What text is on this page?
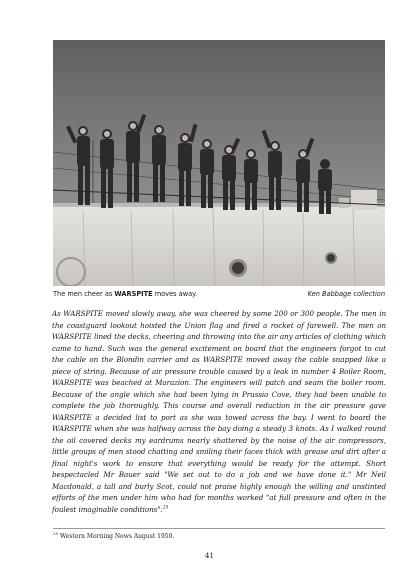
The men cheer as WARSPITE moves away.	Ken Babbage collection

As WARSPITE moved slowly away, she was cheered by some 200 or 300 people. The men in the coastguard lookout hoisted the Union flag and fired a rocket of farewell. The men on WARSPITE lined the decks, cheering and throwing into the air any articles of clothing which came to hand. Such was the general excitement on board that the engineers forgot to cut the cable on the Blondin carrier and as WARSPITE moved away the cable snapped like a piece of string. Because of air pressure trouble caused by a leak in number 4 Boiler Room, WARSPITE was beached at Marazion. The engineers will patch and seam the boiler room. Because of the angle which she had been lying in Prussia Cove, they had been unable to complete the job thoroughly. This course and overall reduction in the air pressure gave WARSPITE a decided list to port as she was towed across the bay. I went to board the WARSPITE when she was halfway across the bay doing a steady 3 knots. As I walked round the oil covered decks my eardrums nearly shattered by the noise of the air compressors, little groups of men stood chatting and smiling their faces thick with grease and dirt after a final night's work to ensure that everything would be ready for the attempt. Short bespectacled Mr Bauer said "We set out to do a job and we have done it." Mr Neil Macdonald, a tall and burly Scot, could not praise highly enough the willing and unstinted efforts of the men under him who had for months worked "at full pressure and often in the foulest imaginable conditions".$^{25}$

$^{25}$ Western Morning News August 1950.
41
